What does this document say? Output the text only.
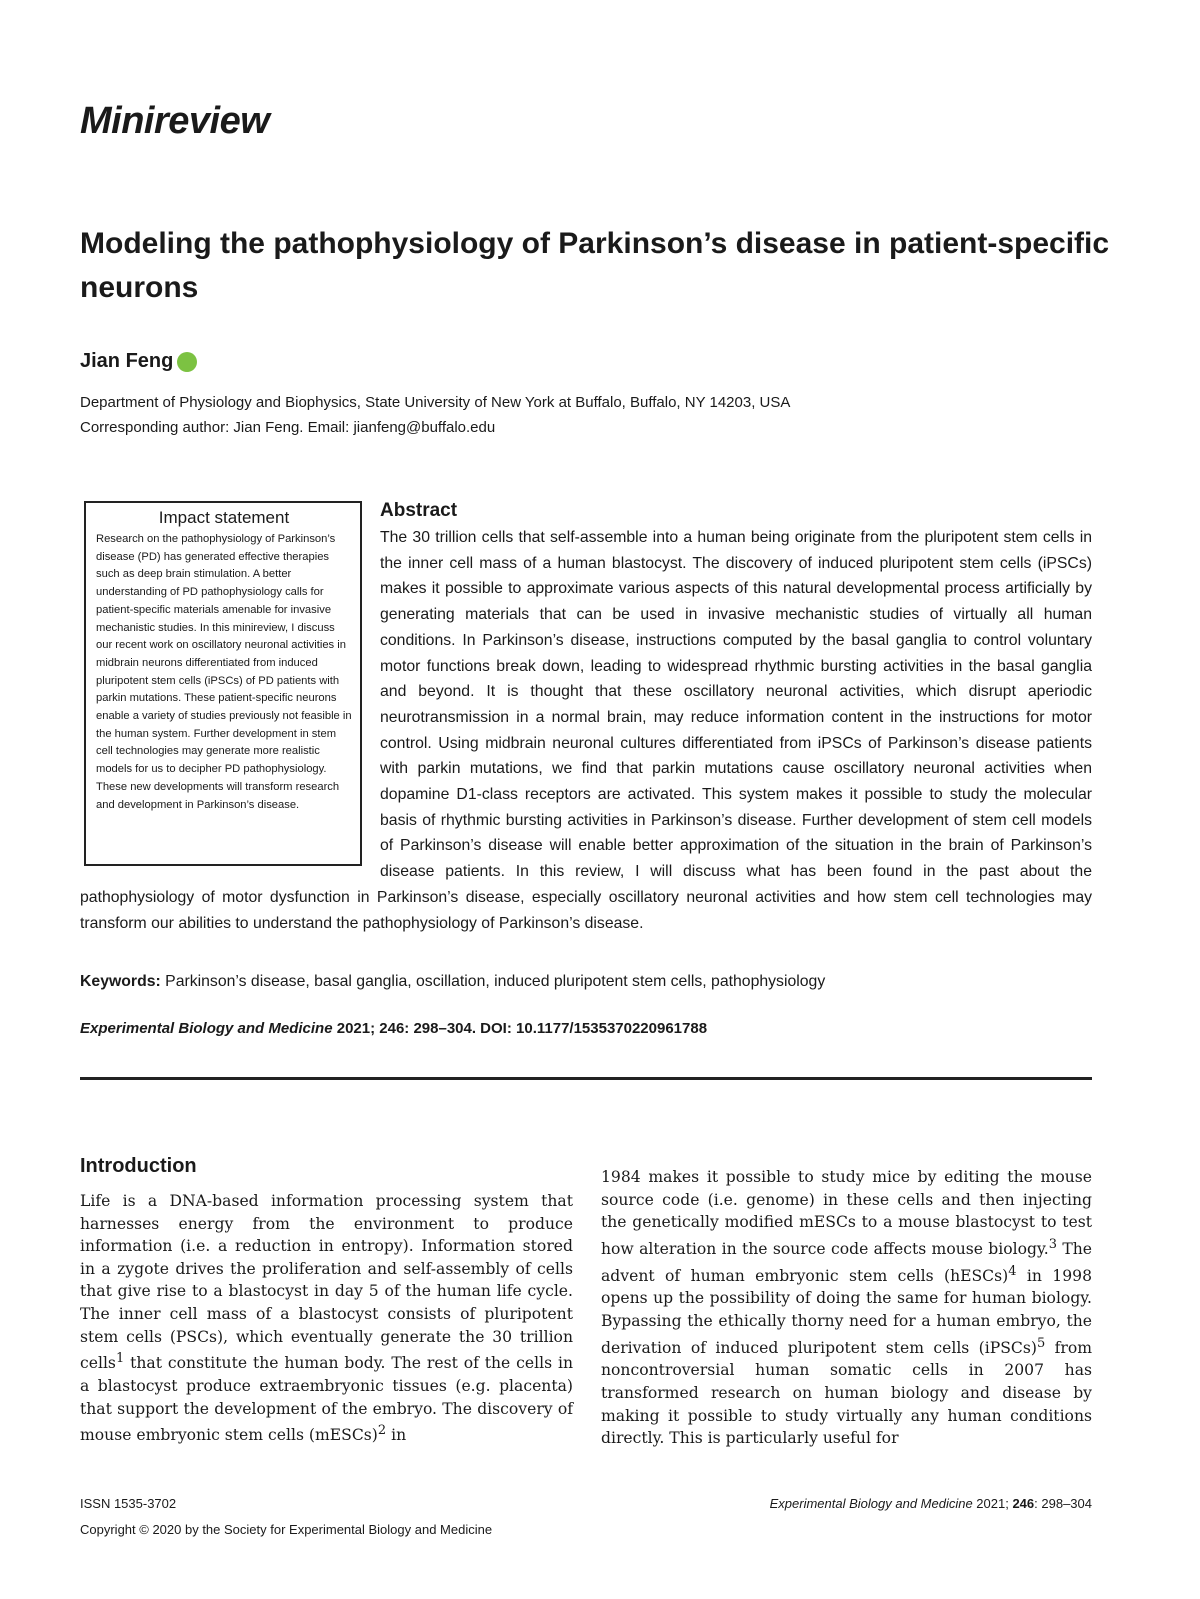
Minireview
Modeling the pathophysiology of Parkinson’s disease in patient-specific neurons
Jian Feng
Department of Physiology and Biophysics, State University of New York at Buffalo, Buffalo, NY 14203, USA
Corresponding author: Jian Feng. Email: jianfeng@buffalo.edu
The 30 trillion cells that self-assemble into a human being originate from the pluripotent stem cells in the inner cell mass of a human blastocyst. The discovery of induced pluripotent stem cells (iPSCs) makes it possible to approximate various aspects of this natural developmental process artificially by generating materials that can be used in invasive mechanistic studies of virtually all human conditions. In Parkinson’s disease, instructions computed by the basal ganglia to control voluntary motor functions break down, leading to widespread rhythmic bursting activities in the basal ganglia and beyond. It is thought that these oscillatory neuronal activities, which disrupt aperiodic neurotransmission in a normal brain, may reduce information content in the instructions for motor control. Using midbrain neuronal cultures differentiated from iPSCs of Parkinson’s disease patients with parkin mutations, we find that parkin mutations cause oscillatory neuronal activities when dopamine D1-class receptors are activated. This system makes it possible to study the molecular basis of rhythmic bursting activities in Parkinson’s disease. Further development of stem cell models of Parkinson’s disease will enable better approximation of the situation in the brain of Parkinson’s disease patients. In this review, I will discuss what has been found in the past about the pathophysiology of motor dysfunction in Parkinson’s disease, especially oscillatory neuronal activities and how stem cell technologies may transform our abilities to understand the pathophysiology of Parkinson’s disease.
Impact statement

Research on the pathophysiology of Parkinson’s disease (PD) has generated effective therapies such as deep brain stimulation. A better understanding of PD pathophysiology calls for patient-specific materials amenable for invasive mechanistic studies. In this minireview, I discuss our recent work on oscillatory neuronal activities in midbrain neurons differentiated from induced pluripotent stem cells (iPSCs) of PD patients with parkin mutations. These patient-specific neurons enable a variety of studies previously not feasible in the human system. Further development in stem cell technologies may generate more realistic models for us to decipher PD pathophysiology. These new developments will transform research and development in Parkinson’s disease.

Abstract

Keywords: Parkinson’s disease, basal ganglia, oscillation, induced pluripotent stem cells, pathophysiology

Experimental Biology and Medicine 2021; 246: 298–304. DOI: 10.1177/1535370220961788

Introduction

Life is a DNA-based information processing system that harnesses energy from the environment to produce information (i.e. a reduction in entropy). Information stored in a zygote drives the proliferation and self-assembly of cells that give rise to a blastocyst in day 5 of the human life cycle. The inner cell mass of a blastocyst consists of pluripotent stem cells (PSCs), which eventually generate the 30 trillion cells$^1$ that constitute the human body. The rest of the cells in a blastocyst produce extraembryonic tissues (e.g. placenta) that support the development of the embryo. The discovery of mouse embryonic stem cells (mESCs)$^2$ in

1984 makes it possible to study mice by editing the mouse source code (i.e. genome) in these cells and then injecting the genetically modified mESCs to a mouse blastocyst to test how alteration in the source code affects mouse biology.$^3$ The advent of human embryonic stem cells (hESCs)$^4$ in 1998 opens up the possibility of doing the same for human biology. Bypassing the ethically thorny need for a human embryo, the derivation of induced pluripotent stem cells (iPSCs)$^5$ from noncontroversial human somatic cells in 2007 has transformed research on human biology and disease by making it possible to study virtually any human conditions directly. This is particularly useful for

ISSN 1535-3702	Experimental Biology and Medicine 2021; 246: 298–304

Copyright © 2020 by the Society for Experimental Biology and Medicine
